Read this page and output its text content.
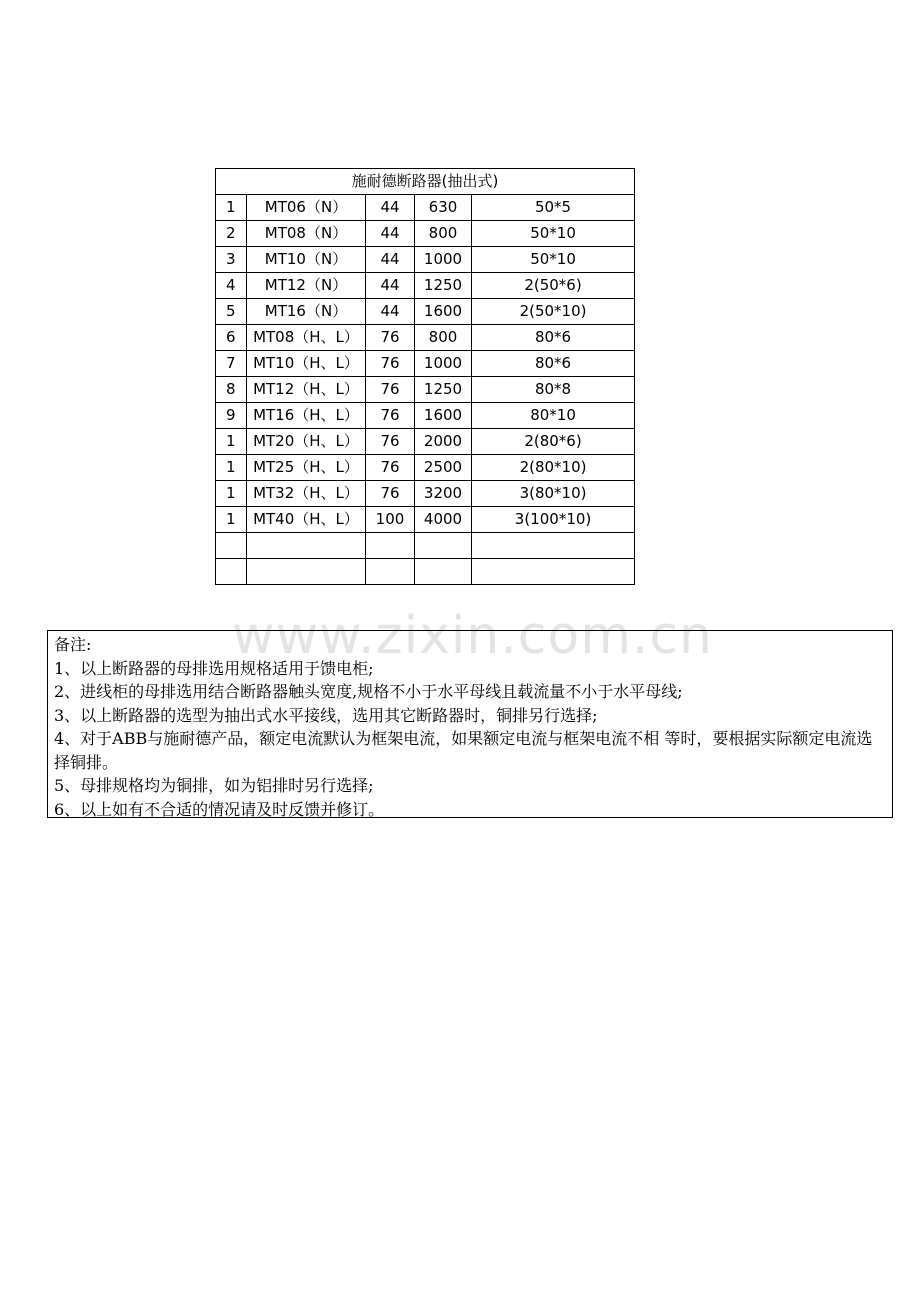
www.zixin.com.cn
施耐德断路器(抽出式)				
1	MT06（N）	44	630	50*5
2	MT08（N）	44	800	50*10
3	MT10（N）	44	1000	50*10
4	MT12（N）	44	1250	2(50*6)
5	MT16（N）	44	1600	2(50*10)
6	MT08（H、L）	76	800	80*6
7	MT10（H、L）	76	1000	80*6
8	MT12（H、L）	76	1250	80*8
9	MT16（H、L）	76	1600	80*10
1	MT20（H、L）	76	2000	2(80*6)
1	MT25（H、L）	76	2500	2(80*10)
1	MT32（H、L）	76	3200	3(80*10)
1	MT40（H、L）	100	4000	3(100*10)

备注:
1、以上断路器的母排选用规格适用于馈电柜;
2、进线柜的母排选用结合断路器触头宽度,规格不小于水平母线且载流量不小于水平母线;
3、以上断路器的选型为抽出式水平接线，选用其它断路器时，铜排另行选择;
4、对于ABB与施耐德产品，额定电流默认为框架电流，如果额定电流与框架电流不相 等时，要根据实际额定电流选择铜排。
5、母排规格均为铜排，如为铝排时另行选择;
6、以上如有不合适的情况请及时反馈并修订。
